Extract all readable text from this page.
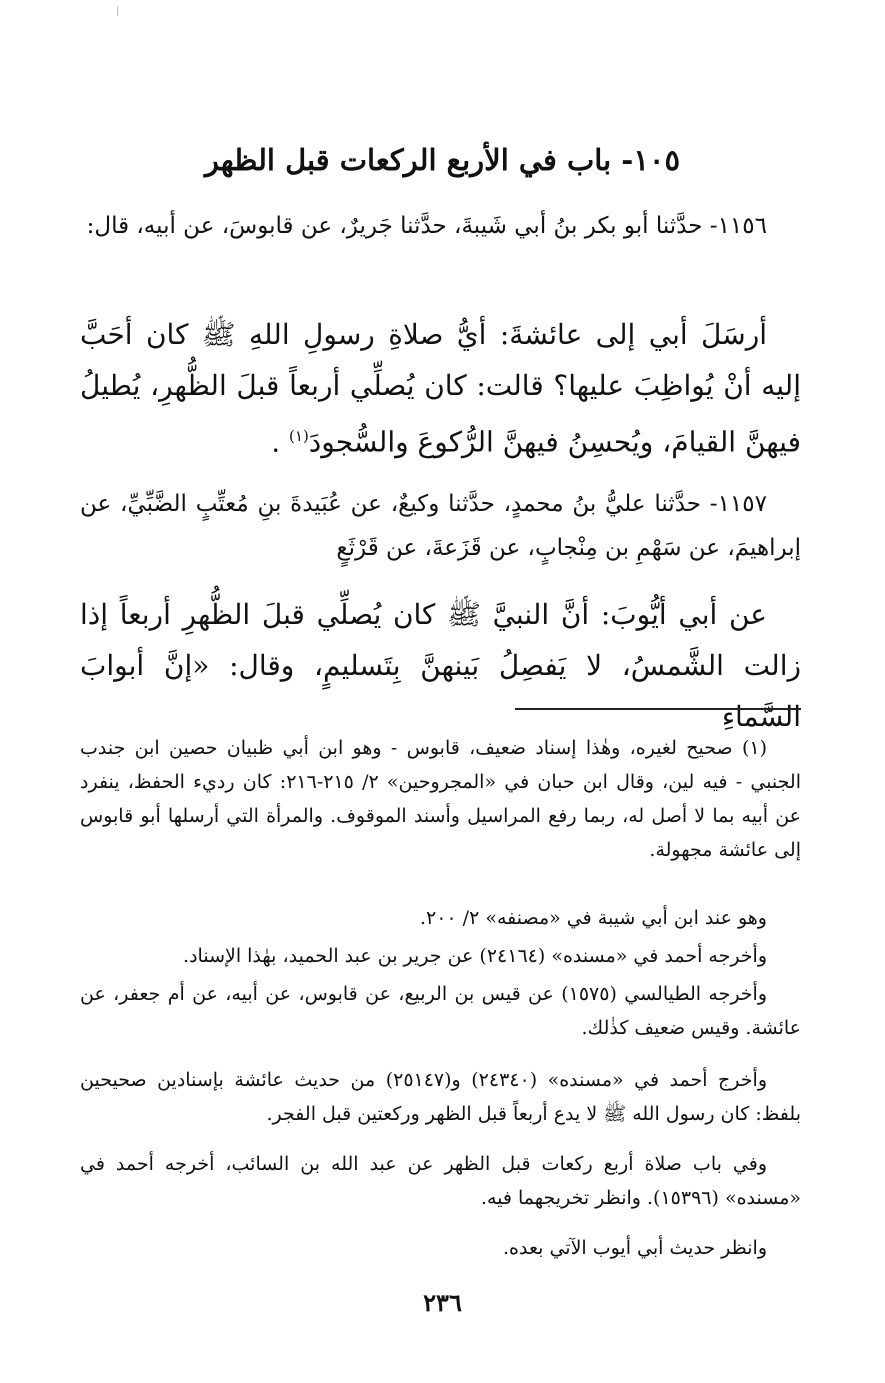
١٠٥- باب في الأربع الركعات قبل الظهر
١١٥٦- حدَّثنا أبو بكر بنُ أبي شَيبةَ، حدَّثنا جَريرٌ، عن قابوسَ، عن أبيه، قال:
أرسَلَ أبي إلى عائشةَ: أيُّ صلاةِ رسولِ اللهِ ﷺ كان أحَبَّ إليه أنْ يُواظِبَ عليها؟ قالت: كان يُصلِّي أربعاً قبلَ الظُّهرِ، يُطيلُ فيهنَّ القيامَ، ويُحسِنُ فيهنَّ الرُّكوعَ والسُّجودَ$^{(١)}$ .
١١٥٧- حدَّثنا عليُّ بنُ محمدٍ، حدَّثنا وكيعٌ، عن عُبَيدةَ بنِ مُعتِّبٍ الضَّبِّيِّ، عن إبراهيمَ، عن سَهْمِ بن مِنْجابٍ، عن قَزَعةَ، عن قَرْثَعٍ
عن أبي أيُّوبَ: أنَّ النبيَّ ﷺ كان يُصلِّي قبلَ الظُّهرِ أربعاً إذا زالت الشَّمسُ، لا يَفصِلُ بَينهنَّ بِتَسليمٍ، وقال: «إنَّ أبوابَ السَّماءِ
(١) صحيح لغيره، وهٰذا إسناد ضعيف، قابوس - وهو ابن أبي ظبيان حصين ابن جندب الجنبي - فيه لين، وقال ابن حبان في «المجروحين» ٢/ ٢١٥-٢١٦: كان رديء الحفظ، ينفرد عن أبيه بما لا أصل له، ربما رفع المراسيل وأسند الموقوف. والمرأة التي أرسلها أبو قابوس إلى عائشة مجهولة.
وهو عند ابن أبي شيبة في «مصنفه» ٢/ ٢٠٠.
وأخرجه أحمد في «مسنده» (٢٤١٦٤) عن جرير بن عبد الحميد، بهٰذا الإسناد.
وأخرجه الطيالسي (١٥٧٥) عن قيس بن الربيع، عن قابوس، عن أبيه، عن أم جعفر، عن عائشة. وقيس ضعيف كذٰلك.
وأخرج أحمد في «مسنده» (٢٤٣٤٠) و(٢٥١٤٧) من حديث عائشة بإسنادين صحيحين بلفظ: كان رسول الله ﷺ لا يدع أربعاً قبل الظهر وركعتين قبل الفجر.
وفي باب صلاة أربع ركعات قبل الظهر عن عبد الله بن السائب، أخرجه أحمد في «مسنده» (١٥٣٩٦). وانظر تخريجهما فيه.
وانظر حديث أبي أيوب الآتي بعده.
٢٣٦
